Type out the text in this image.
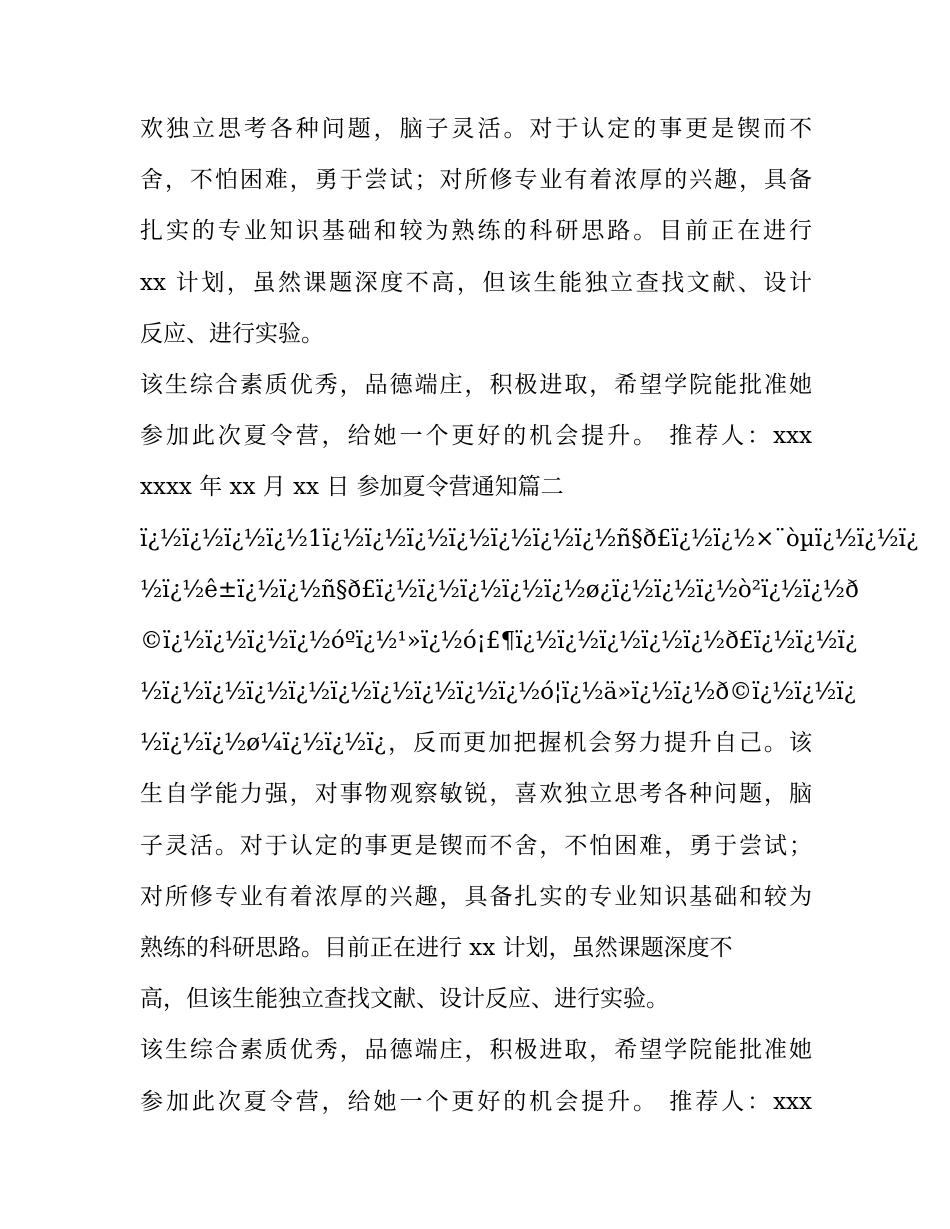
欢独立思考各种问题，脑子灵活。对于认定的事更是锲而不
舍，不怕困难，勇于尝试；对所修专业有着浓厚的兴趣，具备
扎实的专业知识基础和较为熟练的科研思路。目前正在进行
xx 计划，虽然课题深度不高，但该生能独立查找文献、设计
反应、进行实验。
该生综合素质优秀，品德端庄，积极进取，希望学院能批准她
参加此次夏令营，给她一个更好的机会提升。 推荐人：xxx
xxxx 年 xx 月 xx 日 参加夏令营通知篇二
ï¿½ï¿½ï¿½ï¿½1ï¿½ï¿½ï¿½ï¿½ï¿½ï¿½ï¿½ñ§ð£ï¿½ï¿½×¨òµï¿½ï¿½ï¿
½ï¿½ê±ï¿½ï¿½ñ§ð£ï¿½ï¿½ï¿½ï¿½ï¿½ø¿ï¿½ï¿½ï¿½ò²ï¿½ï¿½ð
©ï¿½ï¿½ï¿½ï¿½óºï¿½¹»ï¿½ó¡£¶ï¿½ï¿½ï¿½ï¿½ï¿½ð£ï¿½ï¿½ï¿
½ï¿½ï¿½ï¿½ï¿½ï¿½ï¿½ï¿½ï¿½ï¿½ó¦ï¿½ä»ï¿½ï¿½ð©ï¿½ï¿½ï¿
½ï¿½ï¿½ø¼ï¿½ï¿½ï¿，反而更加把握机会努力提升自己。该
生自学能力强，对事物观察敏锐，喜欢独立思考各种问题，脑
子灵活。对于认定的事更是锲而不舍，不怕困难，勇于尝试；
对所修专业有着浓厚的兴趣，具备扎实的专业知识基础和较为
熟练的科研思路。目前正在进行 xx 计划，虽然课题深度不
高，但该生能独立查找文献、设计反应、进行实验。
该生综合素质优秀，品德端庄，积极进取，希望学院能批准她
参加此次夏令营，给她一个更好的机会提升。 推荐人：xxx
